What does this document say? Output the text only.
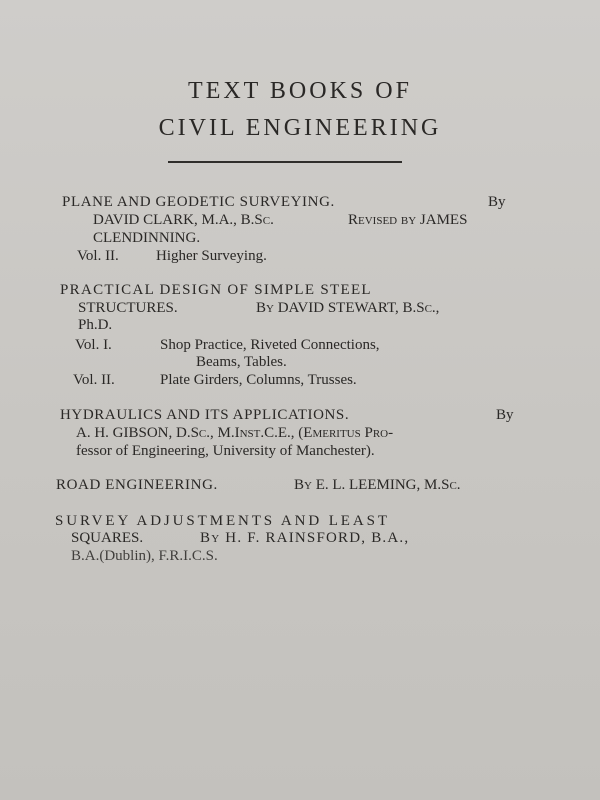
TEXT BOOKS OF
CIVIL ENGINEERING
PLANE AND GEODETIC SURVEYING.	By
DAVID CLARK, M.A., B.Sc.	Revised by JAMES
CLENDINNING.
Vol. II. Higher Surveying.
PRACTICAL DESIGN OF SIMPLE STEEL
STRUCTURES.	By DAVID STEWART, B.Sc.,
Ph.D.
Vol. I.	Shop Practice, Riveted Connections,
Beams, Tables.
Vol. II.	Plate Girders, Columns, Trusses.
HYDRAULICS AND ITS APPLICATIONS.	By
A. H. GIBSON, D.Sc., M.Inst.C.E., (Emeritus Pro-
fessor of Engineering, University of Manchester).
ROAD ENGINEERING.	By E. L. LEEMING, M.Sc.
SURVEY ADJUSTMENTS AND LEAST
SQUARES.	By H. F. RAINSFORD, B.A.,
B.A.(Dublin), F.R.I.C.S.
